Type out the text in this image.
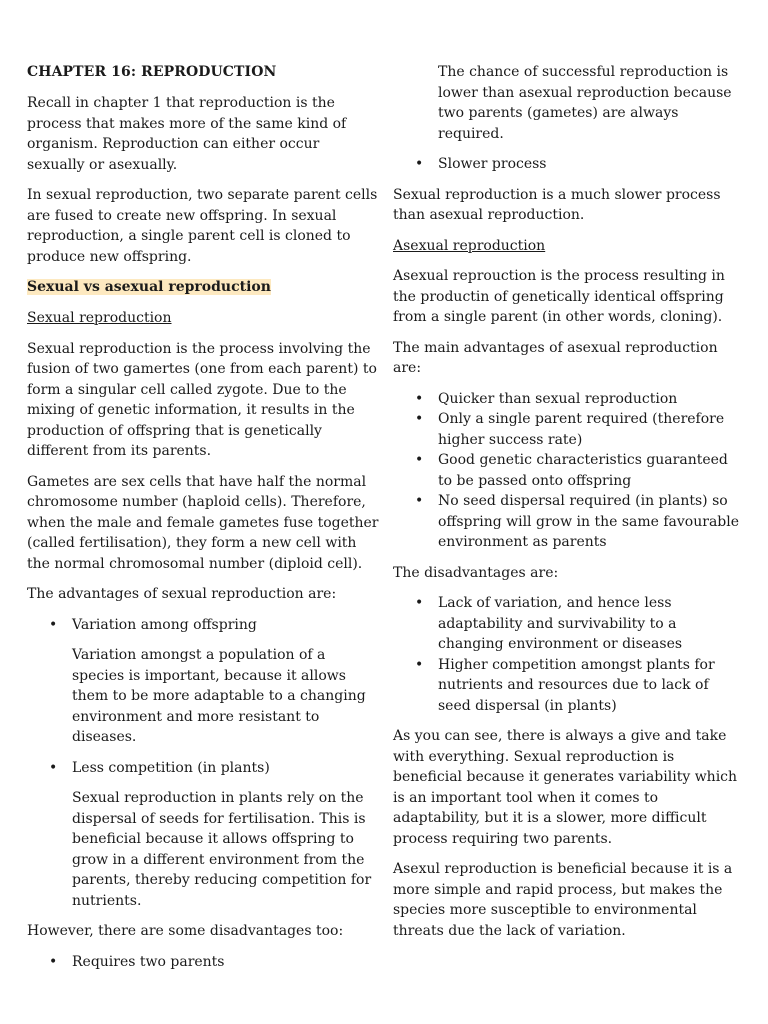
CHAPTER 16: REPRODUCTION

Recall in chapter 1 that reproduction is the process that makes more of the same kind of organism. Reproduction can either occur sexually or asexually.

In sexual reproduction, two separate parent cells are fused to create new offspring. In sexual reproduction, a single parent cell is cloned to produce new offspring.

Sexual vs asexual reproduction

Sexual reproduction

Sexual reproduction is the process involving the fusion of two gamertes (one from each parent) to form a singular cell called zygote. Due to the mixing of genetic information, it results in the production of offspring that is genetically different from its parents.

Gametes are sex cells that have half the normal chromosome number (haploid cells). Therefore, when the male and female gametes fuse together (called fertilisation), they form a new cell with the normal chromosomal number (diploid cell).

The advantages of sexual reproduction are:

• Variation among offspring

Variation amongst a population of a species is important, because it allows them to be more adaptable to a changing environment and more resistant to diseases.

• Less competition (in plants)

Sexual reproduction in plants rely on the dispersal of seeds for fertilisation. This is beneficial because it allows offspring to grow in a different environment from the parents, thereby reducing competition for nutrients.

However, there are some disadvantages too:

• Requires two parents

The chance of successful reproduction is lower than asexual reproduction because two parents (gametes) are always required.

• Slower process

Sexual reproduction is a much slower process than asexual reproduction.

Asexual reproduction

Asexual reprouction is the process resulting in the productin of genetically identical offspring from a single parent (in other words, cloning).

The main advantages of asexual reproduction are:

• Quicker than sexual reproduction
• Only a single parent required (therefore higher success rate)
• Good genetic characteristics guaranteed to be passed onto offspring
• No seed dispersal required (in plants) so offspring will grow in the same favourable environment as parents

The disadvantages are:

• Lack of variation, and hence less adaptability and survivability to a changing environment or diseases
• Higher competition amongst plants for nutrients and resources due to lack of seed dispersal (in plants)

As you can see, there is always a give and take with everything. Sexual reproduction is beneficial because it generates variability which is an important tool when it comes to adaptability, but it is a slower, more difficult process requiring two parents.

Asexul reproduction is beneficial because it is a more simple and rapid process, but makes the species more susceptible to environmental threats due the lack of variation.
